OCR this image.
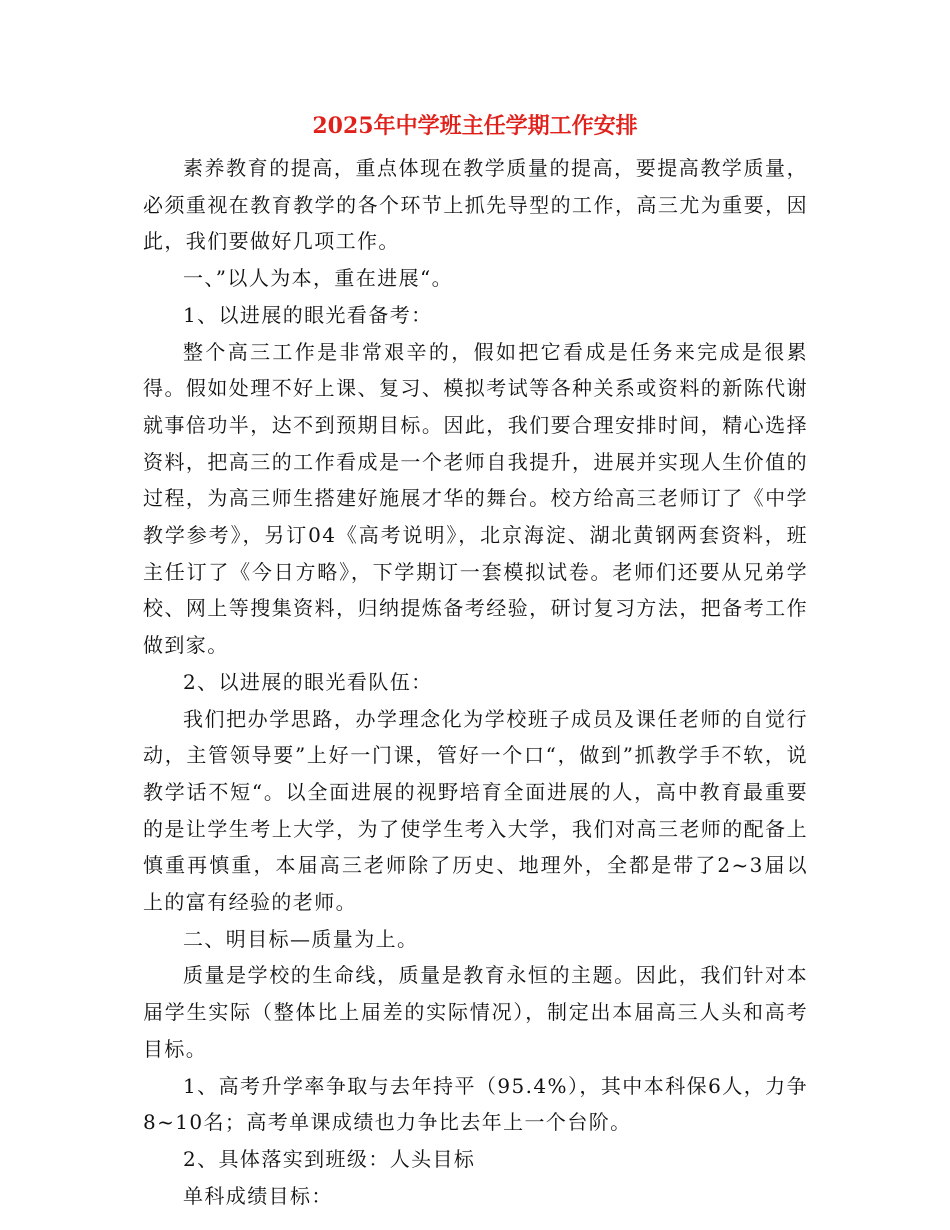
2025年中学班主任学期工作安排

素养教育的提高，重点体现在教学质量的提高，要提高教学质量，必须重视在教育教学的各个环节上抓先导型的工作，高三尤为重要，因此，我们要做好几项工作。

一、”以人为本，重在进展“。

1、以进展的眼光看备考：

整个高三工作是非常艰辛的，假如把它看成是任务来完成是很累得。假如处理不好上课、复习、模拟考试等各种关系或资料的新陈代谢就事倍功半，达不到预期目标。因此，我们要合理安排时间，精心选择资料，把高三的工作看成是一个老师自我提升，进展并实现人生价值的过程，为高三师生搭建好施展才华的舞台。校方给高三老师订了《中学教学参考》，另订04《高考说明》，北京海淀、湖北黄钢两套资料，班主任订了《今日方略》，下学期订一套模拟试卷。老师们还要从兄弟学校、网上等搜集资料，归纳提炼备考经验，研讨复习方法，把备考工作做到家。

2、以进展的眼光看队伍：

我们把办学思路，办学理念化为学校班子成员及课任老师的自觉行动，主管领导要”上好一门课，管好一个口“，做到”抓教学手不软，说教学话不短“。以全面进展的视野培育全面进展的人，高中教育最重要的是让学生考上大学，为了使学生考入大学，我们对高三老师的配备上慎重再慎重，本届高三老师除了历史、地理外，全都是带了2~3届以上的富有经验的老师。

二、明目标—质量为上。

质量是学校的生命线，质量是教育永恒的主题。因此，我们针对本届学生实际（整体比上届差的实际情况），制定出本届高三人头和高考目标。

1、高考升学率争取与去年持平（95.4%），其中本科保6人，力争8~10名；高考单课成绩也力争比去年上一个台阶。

2、具体落实到班级：人头目标

单科成绩目标：
